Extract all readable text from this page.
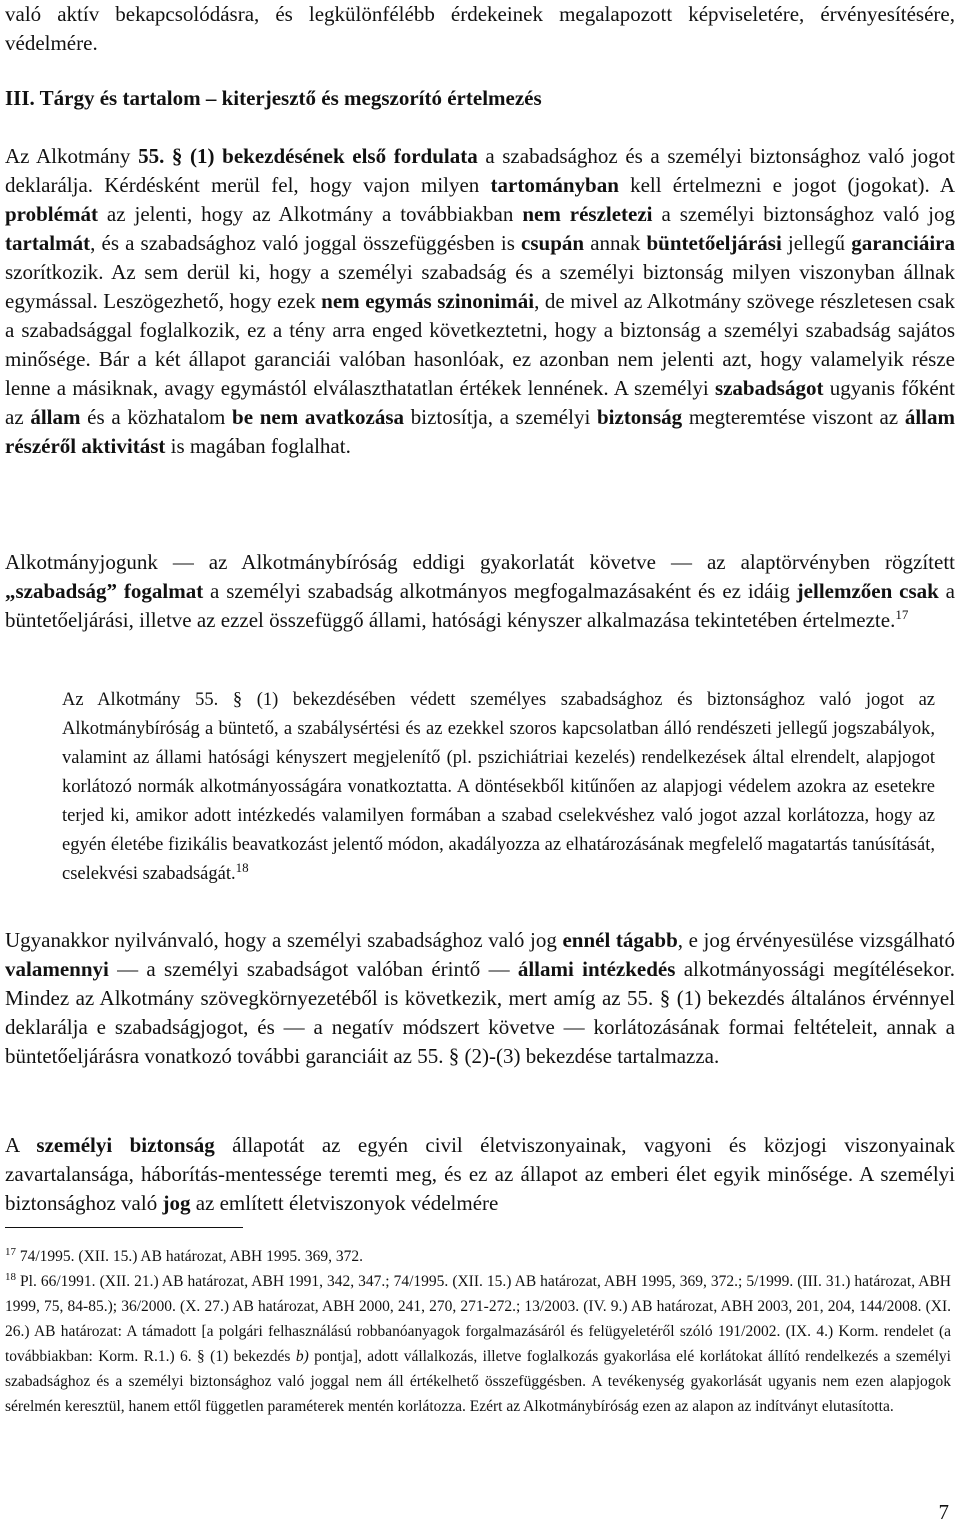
való aktív bekapcsolódásra, és legkülönfélébb érdekeinek megalapozott képviseletére, érvényesítésére, védelmére.

III. Tárgy és tartalom – kiterjesztő és megszorító értelmezés

Az Alkotmány 55. § (1) bekezdésének első fordulata a szabadsághoz és a személyi biztonsághoz való jogot deklarálja. Kérdésként merül fel, hogy vajon milyen tartományban kell értelmezni e jogot (jogokat). A problémát az jelenti, hogy az Alkotmány a továbbiakban nem részletezi a személyi biztonsághoz való jog tartalmát, és a szabadsághoz való joggal összefüggésben is csupán annak büntetőeljárási jellegű garanciáira szorítkozik. Az sem derül ki, hogy a személyi szabadság és a személyi biztonság milyen viszonyban állnak egymással. Leszögezhető, hogy ezek nem egymás szinonimái, de mivel az Alkotmány szövege részletesen csak a szabadsággal foglalkozik, ez a tény arra enged következtetni, hogy a biztonság a személyi szabadság sajátos minősége. Bár a két állapot garanciái valóban hasonlóak, ez azonban nem jelenti azt, hogy valamelyik része lenne a másiknak, avagy egymástól elválaszthatatlan értékek lennének. A személyi szabadságot ugyanis főként az állam és a közhatalom be nem avatkozása biztosítja, a személyi biztonság megteremtése viszont az állam részéről aktivitást is magában foglalhat.

Alkotmányjogunk — az Alkotmánybíróság eddigi gyakorlatát követve — az alaptörvényben rögzített „szabadság” fogalmat a személyi szabadság alkotmányos megfogalmazásaként és ez idáig jellemzően csak a büntetőeljárási, illetve az ezzel összefüggő állami, hatósági kényszer alkalmazása tekintetében értelmezte.$^{17}$

Az Alkotmány 55. § (1) bekezdésében védett személyes szabadsághoz és biztonsághoz való jogot az Alkotmánybíróság a büntető, a szabálysértési és az ezekkel szoros kapcsolatban álló rendészeti jellegű jogszabályok, valamint az állami hatósági kényszert megjelenítő (pl. pszichiátriai kezelés) rendelkezések által elrendelt, alapjogot korlátozó normák alkotmányosságára vonatkoztatta. A döntésekből kitűnően az alapjogi védelem azokra az esetekre terjed ki, amikor adott intézkedés valamilyen formában a szabad cselekvéshez való jogot azzal korlátozza, hogy az egyén életébe fizikális beavatkozást jelentő módon, akadályozza az elhatározásának megfelelő magatartás tanúsítását, cselekvési szabadságát.$^{18}$

Ugyanakkor nyilvánvaló, hogy a személyi szabadsághoz való jog ennél tágabb, e jog érvényesülése vizsgálható valamennyi — a személyi szabadságot valóban érintő — állami intézkedés alkotmányossági megítélésekor. Mindez az Alkotmány szövegkörnyezetéből is következik, mert amíg az 55. § (1) bekezdés általános érvénnyel deklarálja e szabadságjogot, és — a negatív módszert követve — korlátozásának formai feltételeit, annak a büntetőeljárásra vonatkozó további garanciáit az 55. § (2)-(3) bekezdése tartalmazza.

A személyi biztonság állapotát az egyén civil életviszonyainak, vagyoni és közjogi viszonyainak zavartalansága, háborítás-mentessége teremti meg, és ez az állapot az emberi élet egyik minősége. A személyi biztonsághoz való jog az említett életviszonyok védelmére

$^{17}$ 74/1995. (XII. 15.) AB határozat, ABH 1995. 369, 372.

$^{18}$ Pl. 66/1991. (XII. 21.) AB határozat, ABH 1991, 342, 347.; 74/1995. (XII. 15.) AB határozat, ABH 1995, 369, 372.; 5/1999. (III. 31.) határozat, ABH 1999, 75, 84-85.); 36/2000. (X. 27.) AB határozat, ABH 2000, 241, 270, 271-272.; 13/2003. (IV. 9.) AB határozat, ABH 2003, 201, 204, 144/2008. (XI. 26.) AB határozat: A támadott [a polgári felhasználású robbanóanyagok forgalmazásáról és felügyeletéről szóló 191/2002. (IX. 4.) Korm. rendelet (a továbbiakban: Korm. R.1.) 6. § (1) bekezdés b) pontja], adott vállalkozás, illetve foglalkozás gyakorlása elé korlátokat állító rendelkezés a személyi szabadsághoz és a személyi biztonsághoz való joggal nem áll értékelhető összefüggésben. A tevékenység gyakorlását ugyanis nem ezen alapjogok sérelmén keresztül, hanem ettől független paraméterek mentén korlátozza. Ezért az Alkotmánybíróság ezen az alapon az indítványt elutasította.

7
